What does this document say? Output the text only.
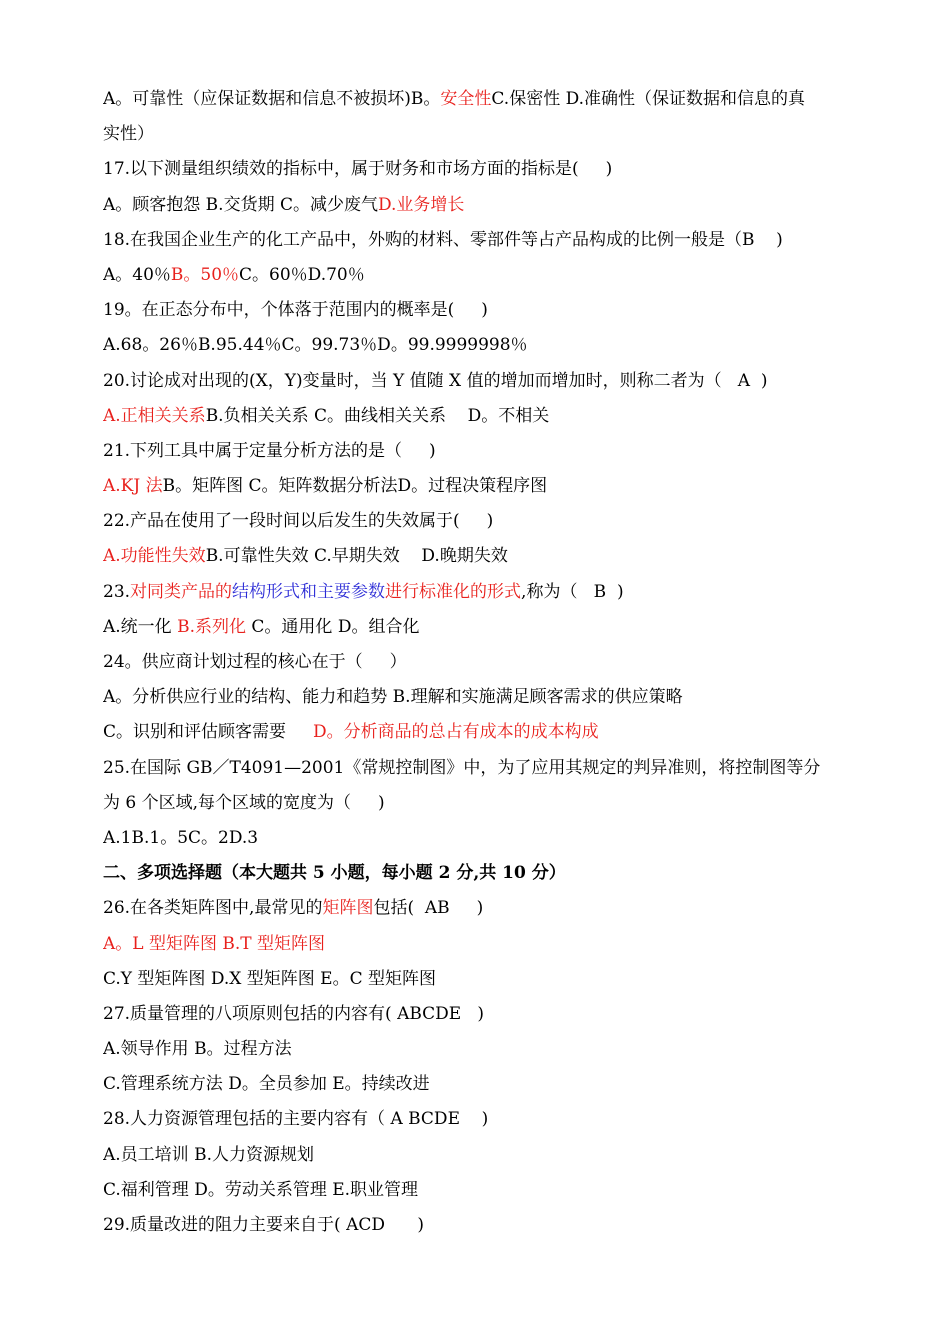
A。可靠性（应保证数据和信息不被损坏)B。安全性C.保密性 D.准确性（保证数据和信息的真
实性）
17.以下测量组织绩效的指标中，属于财务和市场方面的指标是(     )
A。顾客抱怨 B.交货期 C。减少废气D.业务增长
18.在我国企业生产的化工产品中，外购的材料、零部件等占产品构成的比例一般是（B    )
A。40％B。50％C。60％D.70％
19。在正态分布中，个体落于范围内的概率是(     )
A.68。26％B.95.44％C。99.73％D。99.9999998％
20.讨论成对出现的(X，Y)变量时，当 Y 值随 X 值的增加而增加时，则称二者为（   A  )
A.正相关关系B.负相关关系 C。曲线相关关系    D。不相关
21.下列工具中属于定量分析方法的是（     )
A.KJ 法B。矩阵图 C。矩阵数据分析法D。过程决策程序图
22.产品在使用了一段时间以后发生的失效属于(     )
A.功能性失效B.可靠性失效 C.早期失效    D.晚期失效
23.对同类产品的结构形式和主要参数进行标准化的形式,称为（   B  )
A.统一化 B.系列化 C。通用化 D。组合化
24。供应商计划过程的核心在于（     ）
A。分析供应行业的结构、能力和趋势 B.理解和实施满足顾客需求的供应策略
C。识别和评估顾客需要     D。分析商品的总占有成本的成本构成
25.在国际 GB／T4091—2001《常规控制图》中，为了应用其规定的判异准则，将控制图等分
为 6 个区域,每个区域的宽度为（     )
A.1B.1。5C。2D.3
二、多项选择题（本大题共 5 小题，每小题 2 分,共 10 分）
26.在各类矩阵图中,最常见的矩阵图包括(  AB     )
A。L 型矩阵图 B.T 型矩阵图
C.Y 型矩阵图 D.X 型矩阵图 E。C 型矩阵图
27.质量管理的八项原则包括的内容有( ABCDE   )
A.领导作用 B。过程方法
C.管理系统方法 D。全员参加 E。持续改进
28.人力资源管理包括的主要内容有（ A BCDE    )
A.员工培训 B.人力资源规划
C.福利管理 D。劳动关系管理 E.职业管理
29.质量改进的阻力主要来自于( ACD      )
